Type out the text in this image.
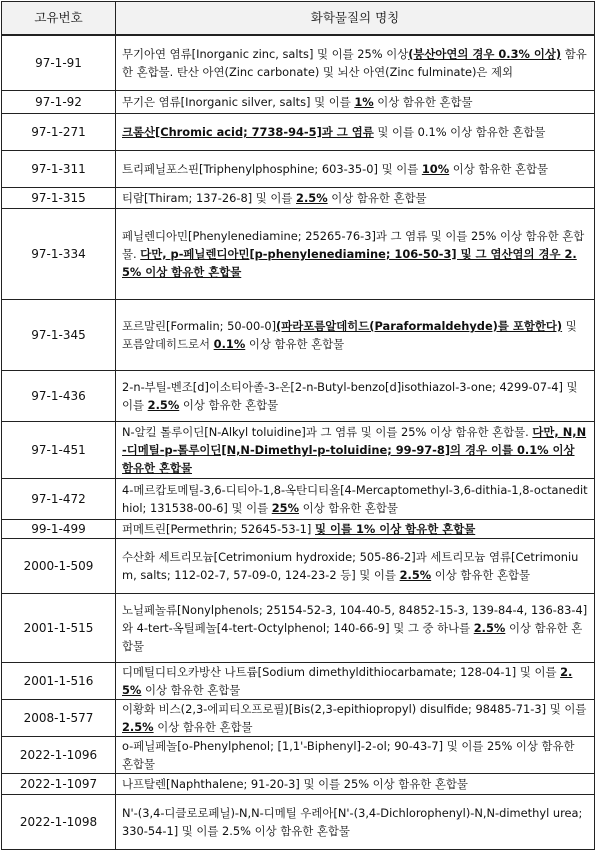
고유번호	화학물질의 명칭
97-1-91	무기아연 염류[Inorganic zinc, salts] 및 이를 25% 이상(붕산아연의 경우 0.3% 이상) 함유한 혼합물. 탄산 아연(Zinc carbonate) 및 뇌산 아연(Zinc fulminate)은 제외
97-1-92	무기은 염류[Inorganic silver, salts] 및 이를 1% 이상 함유한 혼합물
97-1-271	크롬산[Chromic acid; 7738-94-5]과 그 염류 및 이를 0.1% 이상 함유한 혼합물
97-1-311	트리페닐포스핀[Triphenylphosphine; 603-35-0] 및 이를 10% 이상 함유한 혼합물
97-1-315	티람[Thiram; 137-26-8] 및 이를 2.5% 이상 함유한 혼합물
97-1-334	페닐렌디아민[Phenylenediamine; 25265-76-3]과 그 염류 및 이를 25% 이상 함유한 혼합물. 다만, p-페닐렌디아민[p-phenylenediamine; 106-50-3] 및 그 염산염의 경우 2.5% 이상 함유한 혼합물
97-1-345	포르말린[Formalin; 50-00-0](파라포름알데히드(Paraformaldehyde)를 포함한다) 및 포름알데히드로서 0.1% 이상 함유한 혼합물
97-1-436	2-n-부틸-벤조[d]이소티아졸-3-온[2-n-Butyl-benzo[d]isothiazol-3-one; 4299-07-4] 및 이를 2.5% 이상 함유한 혼합물
97-1-451	N-알킬 톨루이딘[N-Alkyl toluidine]과 그 염류 및 이를 25% 이상 함유한 혼합물. 다만, N,N-디메틸-p-톨루이딘[N,N-Dimethyl-p-toluidine; 99-97-8]의 경우 이를 0.1% 이상 함유한 혼합물
97-1-472	4-메르캅토메틸-3,6-디티아-1,8-옥탄디티올[4-Mercaptomethyl-3,6-dithia-1,8-octanedithiol; 131538-00-6] 및 이를 25% 이상 함유한 혼합물
99-1-499	퍼메트린[Permethrin; 52645-53-1] 및 이를 1% 이상 함유한 혼합물
2000-1-509	수산화 세트리모늄[Cetrimonium hydroxide; 505-86-2]과 세트리모늄 염류[Cetrimonium, salts; 112-02-7, 57-09-0, 124-23-2 등] 및 이를 2.5% 이상 함유한 혼합물
2001-1-515	노닐페놀류[Nonylphenols; 25154-52-3, 104-40-5, 84852-15-3, 139-84-4, 136-83-4]와 4-tert-옥틸페놀[4-tert-Octylphenol; 140-66-9] 및 그 중 하나를 2.5% 이상 함유한 혼합물
2001-1-516	디메틸디티오카방산 나트륨[Sodium dimethyldithiocarbamate; 128-04-1] 및 이를 2.5% 이상 함유한 혼합물
2008-1-577	이황화 비스(2,3-에피티오프로필)[Bis(2,3-epithiopropyl) disulfide; 98485-71-3] 및 이를 2.5% 이상 함유한 혼합물
2022-1-1096	o-페닐페놀[o-Phenylphenol; [1,1'-Biphenyl]-2-ol; 90-43-7] 및 이를 25% 이상 함유한 혼합물
2022-1-1097	나프탈렌[Naphthalene; 91-20-3] 및 이를 25% 이상 함유한 혼합물
2022-1-1098	N'-(3,4-디클로로페닐)-N,N-디메틸 우레아[N'-(3,4-Dichlorophenyl)-N,N-dimethyl urea; 330-54-1] 및 이를 2.5% 이상 함유한 혼합물
